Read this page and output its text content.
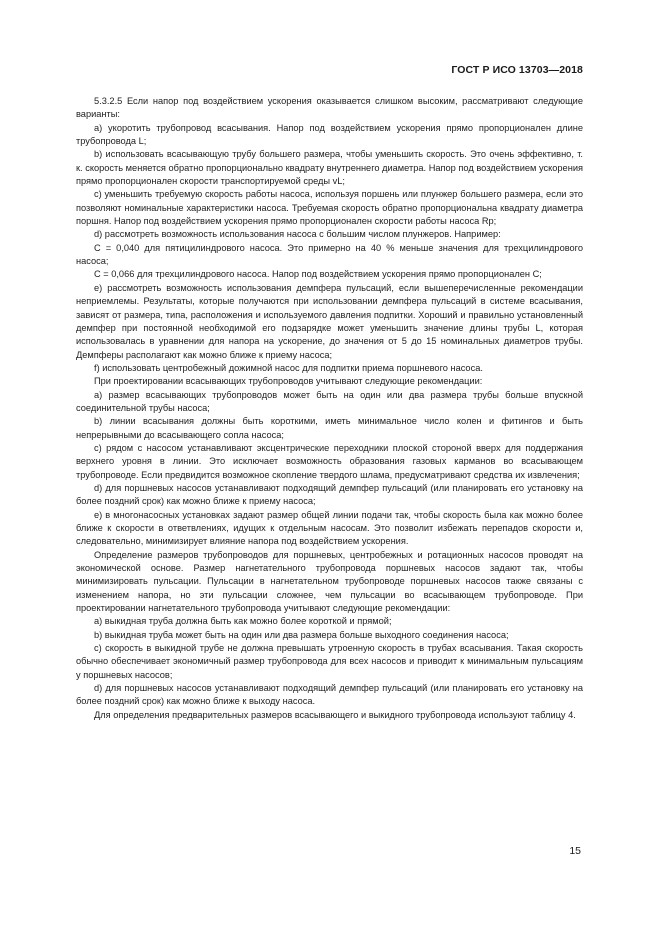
ГОСТ Р ИСО 13703—2018

5.3.2.5 Если напор под воздействием ускорения оказывается слишком высоким, рассматривают следующие варианты:

a) укоротить трубопровод всасывания. Напор под воздействием ускорения прямо пропорционален длине трубопровода L;

b) использовать всасывающую трубу большего размера, чтобы уменьшить скорость. Это очень эффективно, т. к. скорость меняется обратно пропорционально квадрату внутреннего диаметра. Напор под воздействием ускорения прямо пропорционален скорости транспортируемой среды vL;

c) уменьшить требуемую скорость работы насоса, используя поршень или плунжер большего размера, если это позволяют номинальные характеристики насоса. Требуемая скорость обратно пропорциональна квадрату диаметра поршня. Напор под воздействием ускорения прямо пропорционален скорости работы насоса Rp;

d) рассмотреть возможность использования насоса с большим числом плунжеров. Например:

C = 0,040 для пятицилиндрового насоса. Это примерно на 40 % меньше значения для трехцилиндрового насоса;

C = 0,066 для трехцилиндрового насоса. Напор под воздействием ускорения прямо пропорционален C;

e) рассмотреть возможность использования демпфера пульсаций, если вышеперечисленные рекомендации неприемлемы. Результаты, которые получаются при использовании демпфера пульсаций в системе всасывания, зависят от размера, типа, расположения и используемого давления подпитки. Хороший и правильно установленный демпфер при постоянной необходимой его подзарядке может уменьшить значение длины трубы L, которая использовалась в уравнении для напора на ускорение, до значения от 5 до 15 номинальных диаметров трубы. Демпферы располагают как можно ближе к приему насоса;

f) использовать центробежный дожимной насос для подпитки приема поршневого насоса.

При проектировании всасывающих трубопроводов учитывают следующие рекомендации:

a) размер всасывающих трубопроводов может быть на один или два размера трубы больше впускной соединительной трубы насоса;

b) линии всасывания должны быть короткими, иметь минимальное число колен и фитингов и быть непрерывными до всасывающего сопла насоса;

c) рядом с насосом устанавливают эксцентрические переходники плоской стороной вверх для поддержания верхнего уровня в линии. Это исключает возможность образования газовых карманов во всасывающем трубопроводе. Если предвидится возможное скопление твердого шлама, предусматривают средства их извлечения;

d) для поршневых насосов устанавливают подходящий демпфер пульсаций (или планировать его установку на более поздний срок) как можно ближе к приему насоса;

e) в многонасосных установках задают размер общей линии подачи так, чтобы скорость была как можно более ближе к скорости в ответвлениях, идущих к отдельным насосам. Это позволит избежать перепадов скорости и, следовательно, минимизирует влияние напора под воздействием ускорения.

Определение размеров трубопроводов для поршневых, центробежных и ротационных насосов проводят на экономической основе. Размер нагнетательного трубопровода поршневых насосов задают так, чтобы минимизировать пульсации. Пульсации в нагнетательном трубопроводе поршневых насосов также связаны с изменением напора, но эти пульсации сложнее, чем пульсации во всасывающем трубопроводе. При проектировании нагнетательного трубопровода учитывают следующие рекомендации:

a) выкидная труба должна быть как можно более короткой и прямой;

b) выкидная труба может быть на один или два размера больше выходного соединения насоса;

c) скорость в выкидной трубе не должна превышать утроенную скорость в трубах всасывания. Такая скорость обычно обеспечивает экономичный размер трубопровода для всех насосов и приводит к минимальным пульсациям у поршневых насосов;

d) для поршневых насосов устанавливают подходящий демпфер пульсаций (или планировать его установку на более поздний срок) как можно ближе к выходу насоса.

Для определения предварительных размеров всасывающего и выкидного трубопровода используют таблицу 4.

15
